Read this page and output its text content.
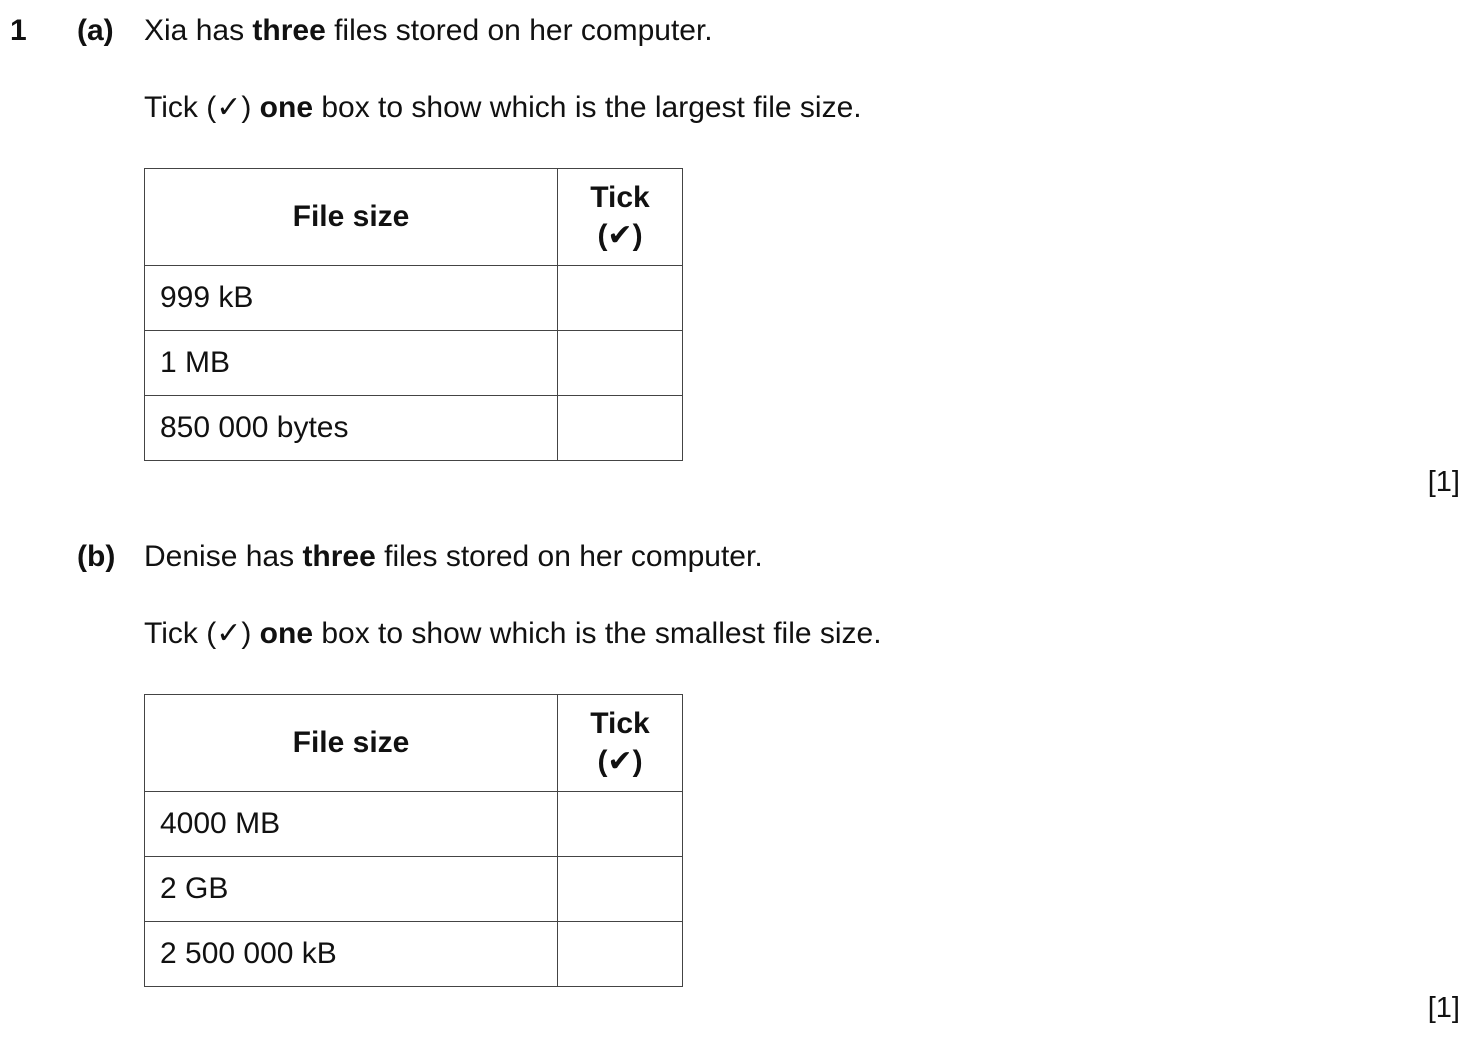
1 (a) Xia has three files stored on her computer.
Tick (✓) one box to show which is the largest file size.
File size	Tick
(✔)
999 kB	
1 MB	
850 000 bytes	
[1]
(b) Denise has three files stored on her computer.
Tick (✓) one box to show which is the smallest file size.
File size	Tick
(✔)
4000 MB	
2 GB	
2 500 000 kB	
[1]
